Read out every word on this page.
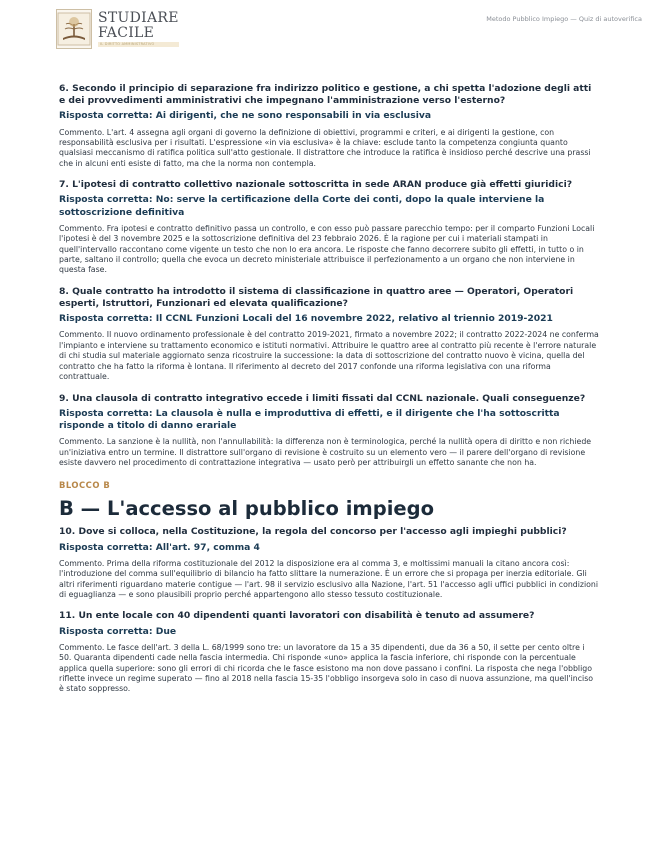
STUDIARE
FACILE
IL DIRITTO AMMINISTRATIVO
Metodo Pubblico Impiego — Quiz di autoverifica

6. Secondo il principio di separazione fra indirizzo politico e gestione, a chi spetta l'adozione degli atti e dei provvedimenti amministrativi che impegnano l'amministrazione verso l'esterno?

Risposta corretta: Ai dirigenti, che ne sono responsabili in via esclusiva

Commento. L'art. 4 assegna agli organi di governo la definizione di obiettivi, programmi e criteri, e ai dirigenti la gestione, con responsabilità esclusiva per i risultati. L'espressione «in via esclusiva» è la chiave: esclude tanto la competenza congiunta quanto qualsiasi meccanismo di ratifica politica sull'atto gestionale. Il distrattore che introduce la ratifica è insidioso perché descrive una prassi che in alcuni enti esiste di fatto, ma che la norma non contempla.

7. L'ipotesi di contratto collettivo nazionale sottoscritta in sede ARAN produce già effetti giuridici?

Risposta corretta: No: serve la certificazione della Corte dei conti, dopo la quale interviene la sottoscrizione definitiva

Commento. Fra ipotesi e contratto definitivo passa un controllo, e con esso può passare parecchio tempo: per il comparto Funzioni Locali l'ipotesi è del 3 novembre 2025 e la sottoscrizione definitiva del 23 febbraio 2026. È la ragione per cui i materiali stampati in quell'intervallo raccontano come vigente un testo che non lo era ancora. Le risposte che fanno decorrere subito gli effetti, in tutto o in parte, saltano il controllo; quella che evoca un decreto ministeriale attribuisce il perfezionamento a un organo che non interviene in questa fase.

8. Quale contratto ha introdotto il sistema di classificazione in quattro aree — Operatori, Operatori esperti, Istruttori, Funzionari ed elevata qualificazione?

Risposta corretta: Il CCNL Funzioni Locali del 16 novembre 2022, relativo al triennio 2019-2021

Commento. Il nuovo ordinamento professionale è del contratto 2019-2021, firmato a novembre 2022; il contratto 2022-2024 ne conferma l'impianto e interviene su trattamento economico e istituti normativi. Attribuire le quattro aree al contratto più recente è l'errore naturale di chi studia sul materiale aggiornato senza ricostruire la successione: la data di sottoscrizione del contratto nuovo è vicina, quella del contratto che ha fatto la riforma è lontana. Il riferimento al decreto del 2017 confonde una riforma legislativa con una riforma contrattuale.

9. Una clausola di contratto integrativo eccede i limiti fissati dal CCNL nazionale. Quali conseguenze?

Risposta corretta: La clausola è nulla e improduttiva di effetti, e il dirigente che l'ha sottoscritta risponde a titolo di danno erariale

Commento. La sanzione è la nullità, non l'annullabilità: la differenza non è terminologica, perché la nullità opera di diritto e non richiede un'iniziativa entro un termine. Il distrattore sull'organo di revisione è costruito su un elemento vero — il parere dell'organo di revisione esiste davvero nel procedimento di contrattazione integrativa — usato però per attribuirgli un effetto sanante che non ha.

BLOCCO B
B — L'accesso al pubblico impiego

10. Dove si colloca, nella Costituzione, la regola del concorso per l'accesso agli impieghi pubblici?

Risposta corretta: All'art. 97, comma 4

Commento. Prima della riforma costituzionale del 2012 la disposizione era al comma 3, e moltissimi manuali la citano ancora così: l'introduzione del comma sull'equilibrio di bilancio ha fatto slittare la numerazione. È un errore che si propaga per inerzia editoriale. Gli altri riferimenti riguardano materie contigue — l'art. 98 il servizio esclusivo alla Nazione, l'art. 51 l'accesso agli uffici pubblici in condizioni di eguaglianza — e sono plausibili proprio perché appartengono allo stesso tessuto costituzionale.

11. Un ente locale con 40 dipendenti quanti lavoratori con disabilità è tenuto ad assumere?

Risposta corretta: Due

Commento. Le fasce dell'art. 3 della L. 68/1999 sono tre: un lavoratore da 15 a 35 dipendenti, due da 36 a 50, il sette per cento oltre i 50. Quaranta dipendenti cade nella fascia intermedia. Chi risponde «uno» applica la fascia inferiore, chi risponde con la percentuale applica quella superiore: sono gli errori di chi ricorda che le fasce esistono ma non dove passano i confini. La risposta che nega l'obbligo riflette invece un regime superato — fino al 2018 nella fascia 15-35 l'obbligo insorgeva solo in caso di nuova assunzione, ma quell'inciso è stato soppresso.
